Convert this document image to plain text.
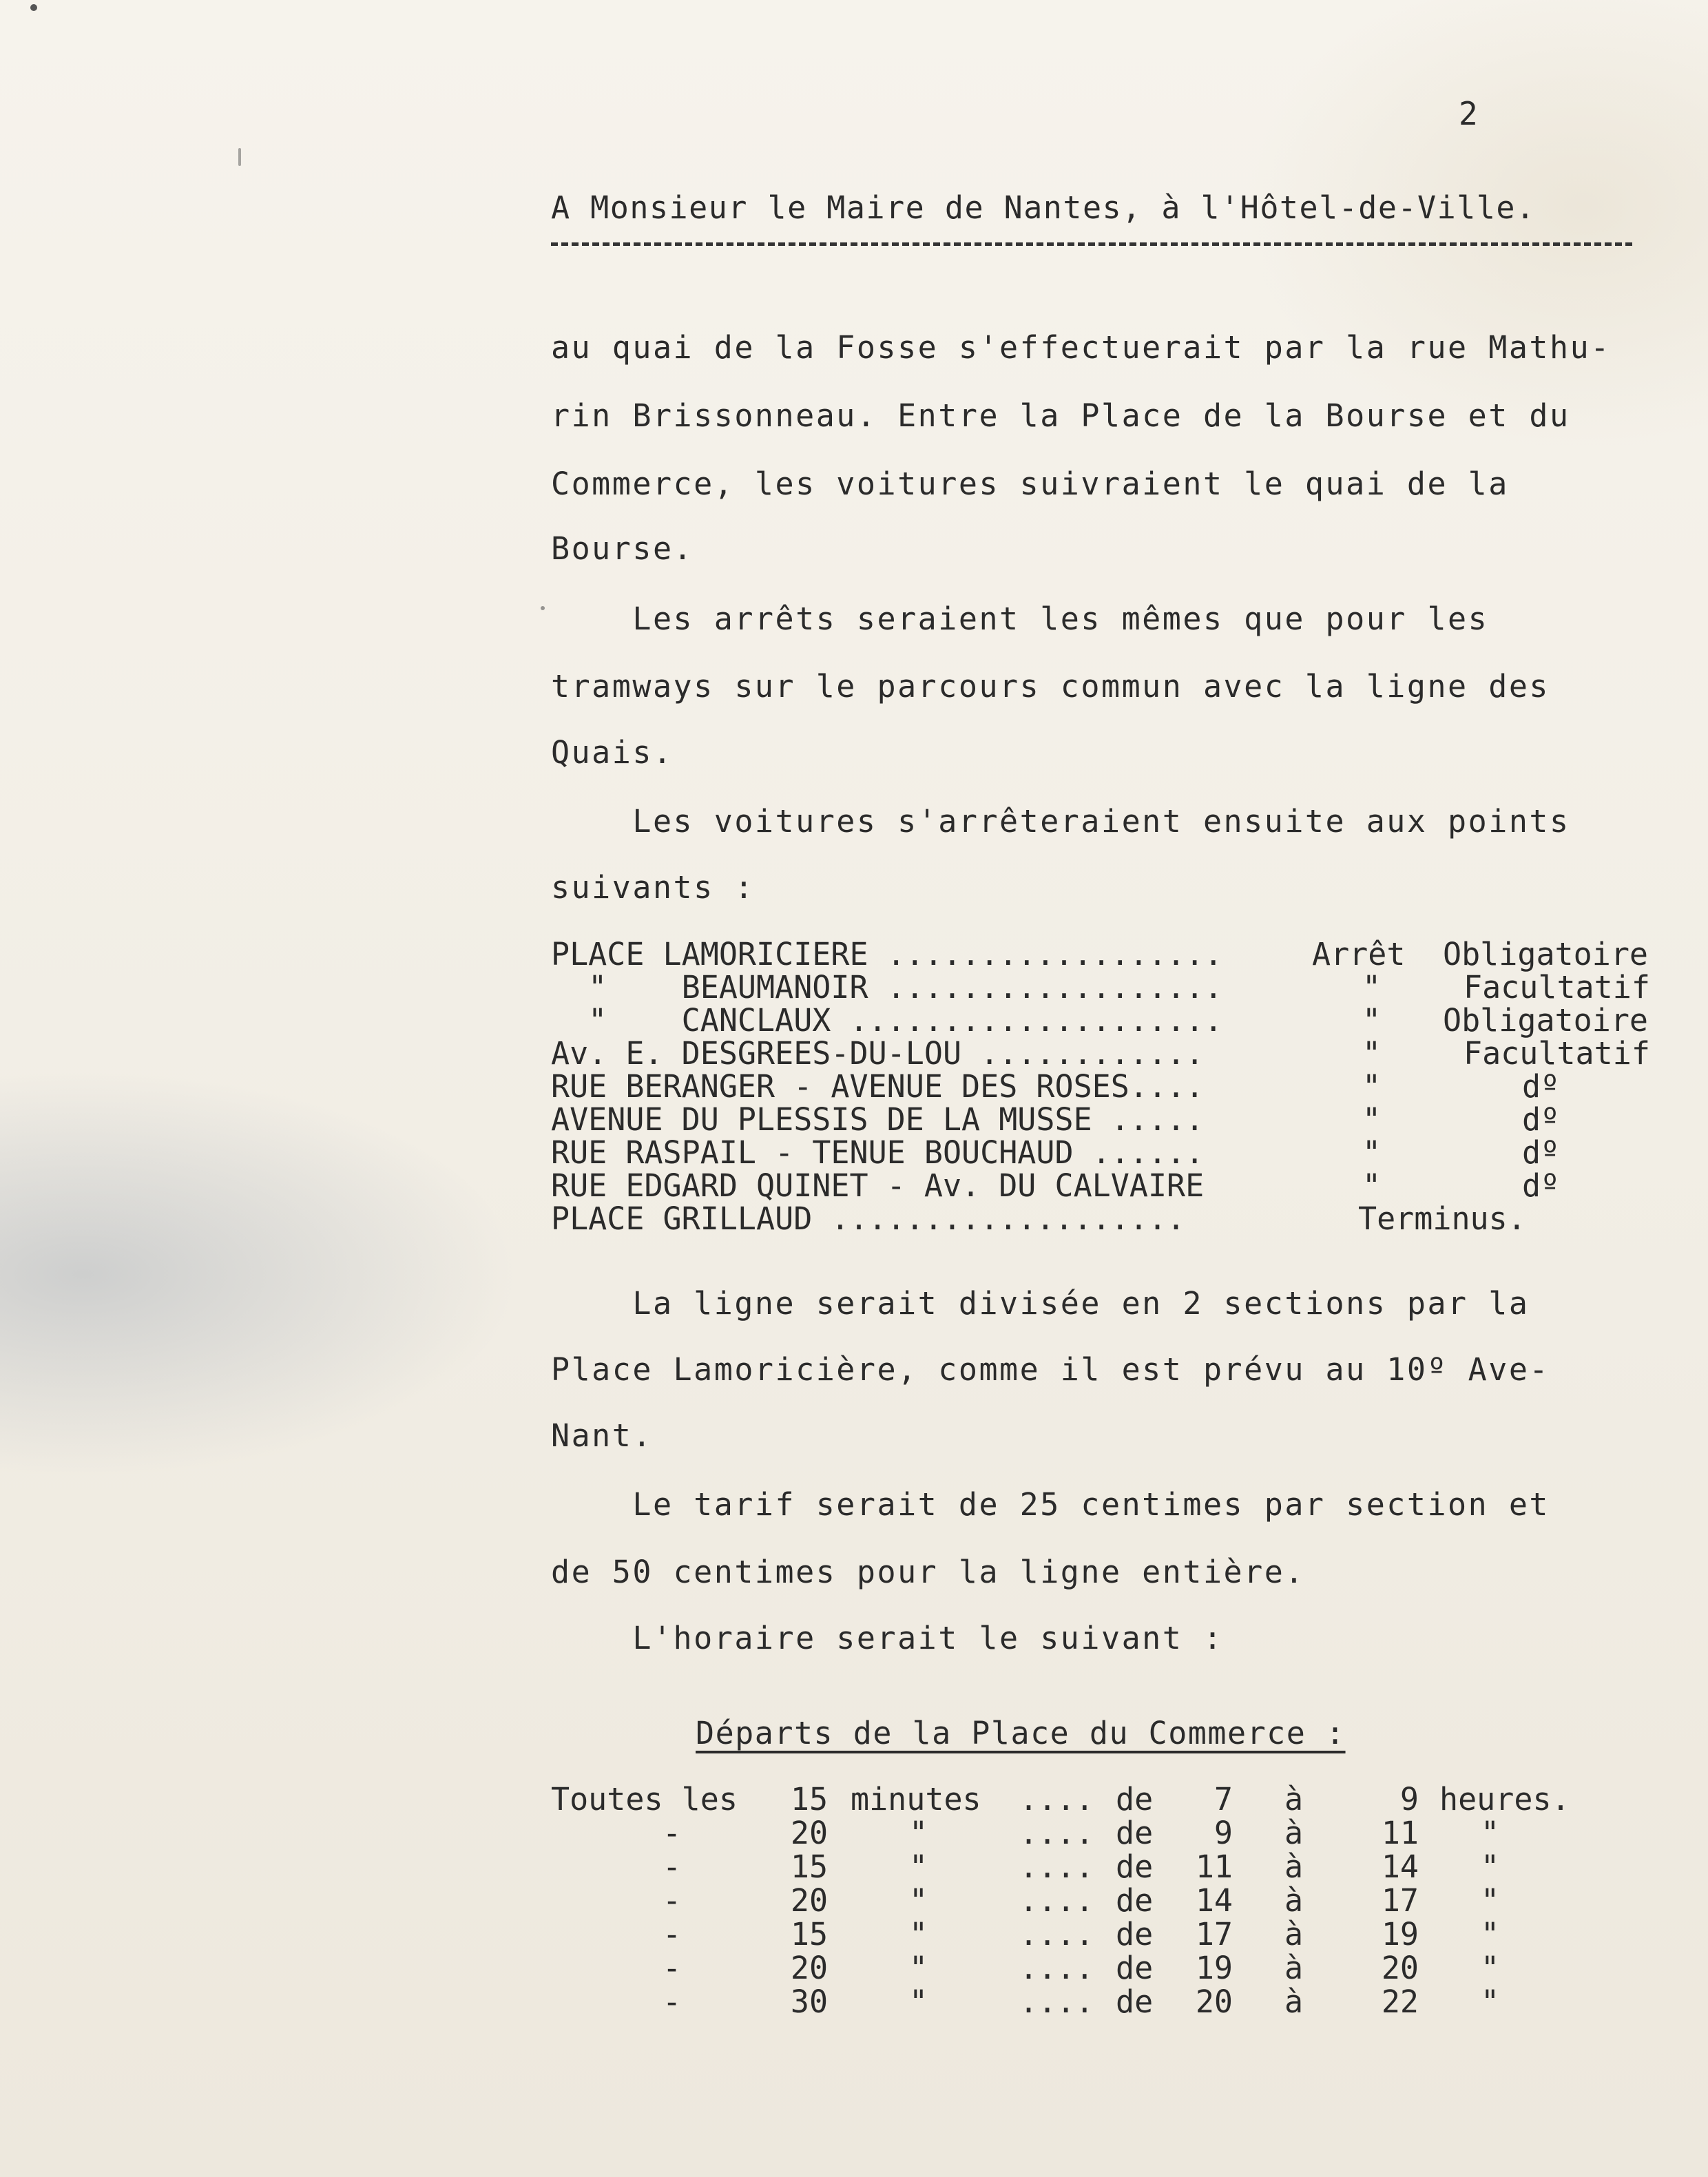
2
A Monsieur le Maire de Nantes, à l'Hôtel-de-Ville.
au quai de la Fosse s'effectuerait par la rue Mathu-
rin Brissonneau. Entre la Place de la Bourse et du
Commerce, les voitures suivraient le quai de la
Bourse.
Les arrêts seraient les mêmes que pour les
tramways sur le parcours commun avec la ligne des
Quais.
Les voitures s'arrêteraient ensuite aux points
suivants :
PLACE LAMORICIERE ..................	Arrêt Obligatoire
"    BEAUMANOIR ..................	"	Facultatif
"    CANCLAUX ....................	" Obligatoire
Av. E. DESGREES-DU-LOU ............	"	Facultatif
RUE BERANGER - AVENUE DES ROSES....	"	dº
AVENUE DU PLESSIS DE LA MUSSE .....	"	dº
RUE RASPAIL - TENUE BOUCHAUD ......	"	dº
RUE EDGARD QUINET - Av. DU CALVAIRE	"	dº
PLACE GRILLAUD ...................	Terminus.
La ligne serait divisée en 2 sections par la
Place Lamoricière, comme il est prévu au 10º Ave-
Nant.
Le tarif serait de 25 centimes par section et
de 50 centimes pour la ligne entière.
L'horaire serait le suivant :
Départs de la Place du Commerce :
Toutes les	15 minutes .... de	7 à	9 heures.
-	20	"	.... de	9 à	11 "
-	15	"	.... de	11 à	14 "
-	20	"	.... de	14 à	17 "
-	15	"	.... de	17 à	19 "
-	20	"	.... de	19 à	20 "
-	30	"	.... de	20 à	22 "
